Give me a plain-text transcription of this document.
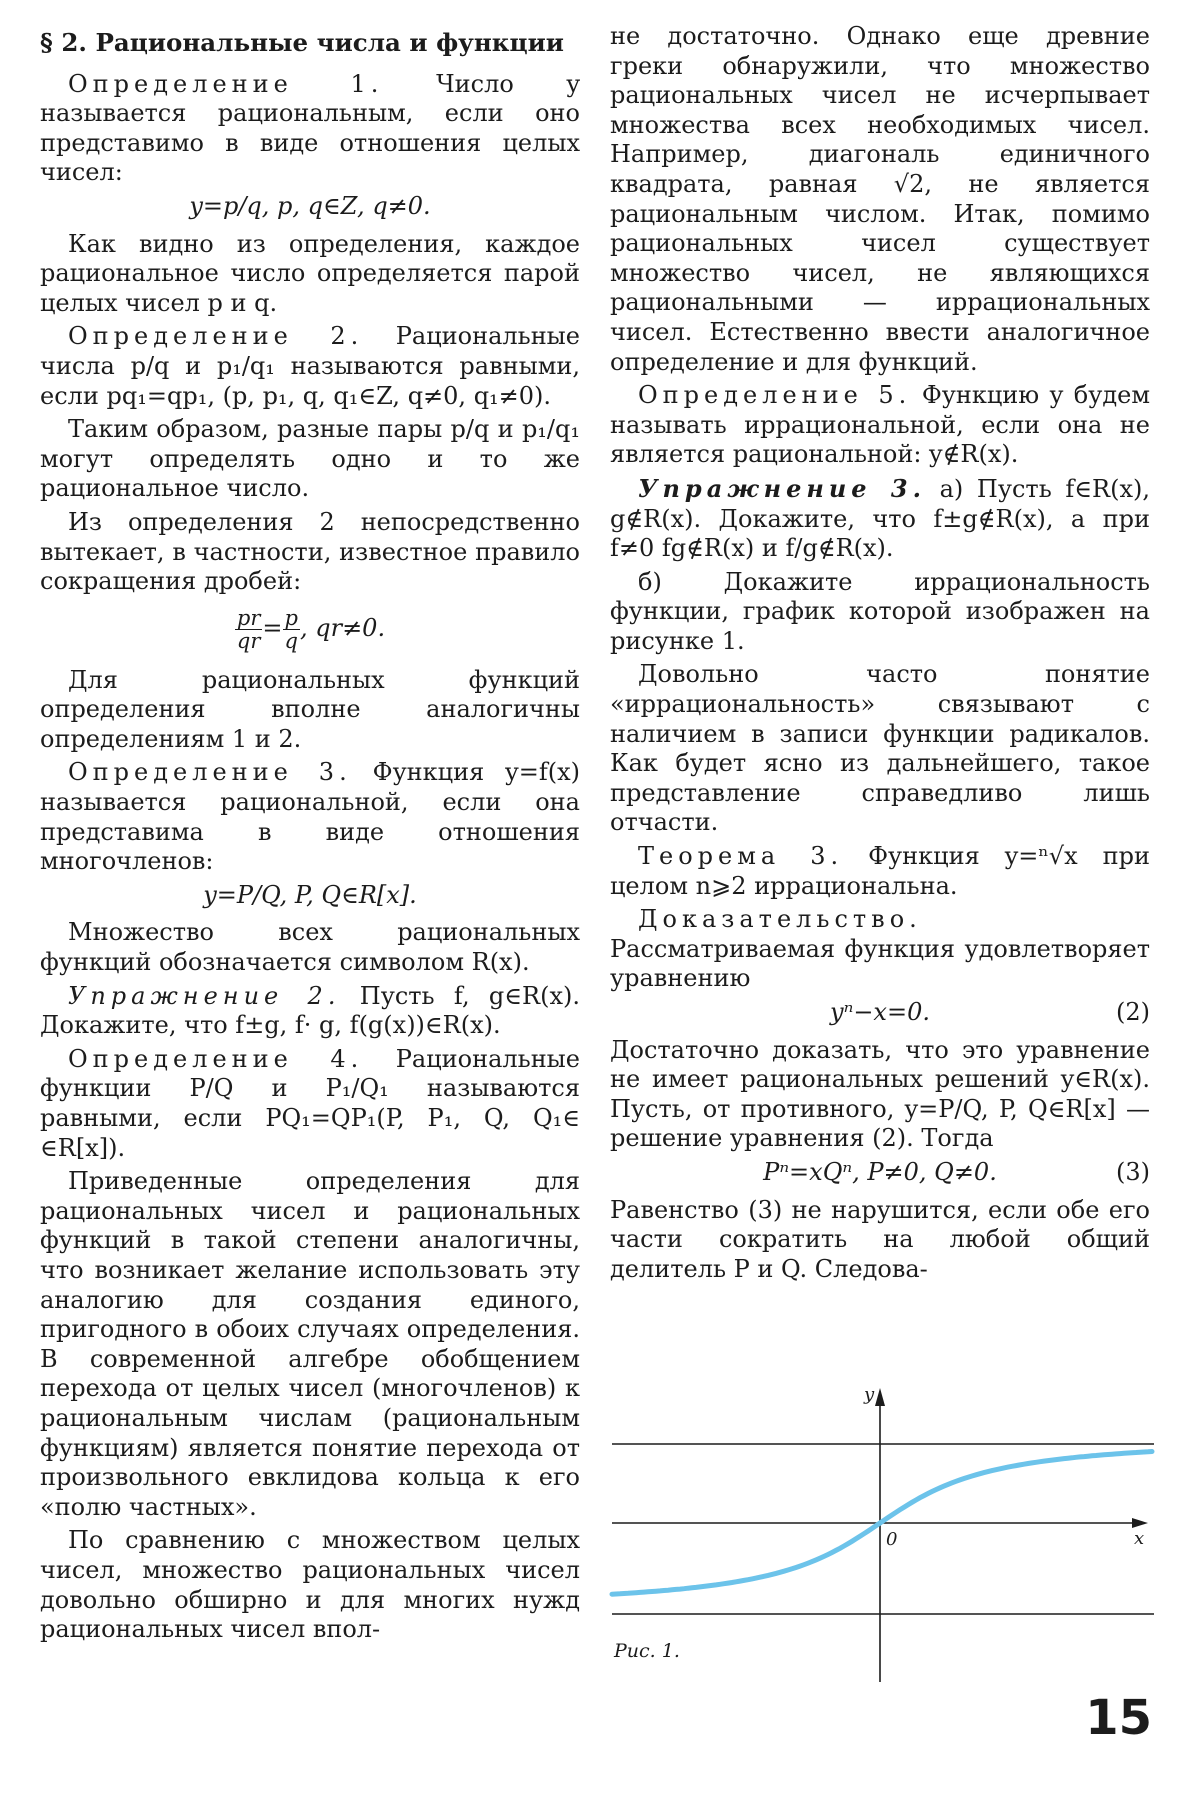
§ 2. Рациональные числа и функции

Определение 1. Число y называется рациональным, если оно представимо в виде отношения целых чисел:

y=p/q, p, q∈Z, q≠0.

Как видно из определения, каждое рациональное число определяется парой целых чисел p и q.

Определение 2. Рациональные числа p/q и p₁/q₁ называются равными, если pq₁=qp₁, (p, p₁, q, q₁∈Z, q≠0, q₁≠0).

Таким образом, разные пары p/q и p₁/q₁ могут определять одно и то же рациональное число.

Из определения 2 непосредственно вытекает, в частности, известное правило сокращения дробей:

$\frac{pr}{qr} = \frac{p}{q}$ , qr≠0.

Для рациональных функций определения вполне аналогичны определениям 1 и 2.

Определение 3. Функция y=f(x) называется рациональной, если она представима в виде отношения многочленов:

y=P/Q, P, Q∈R[x].

Множество всех рациональных функций обозначается символом R(x).

Упражнение 2. Пусть f, g∈R(x). Докажите, что f±g, f· g, f(g(x))∈R(x).

Определение 4. Рациональные функции P/Q и P₁/Q₁ называются равными, если PQ₁=QP₁(P, P₁, Q, Q₁∈ ∈R[x]).

Приведенные определения для рациональных чисел и рациональных функций в такой степени аналогичны, что возникает желание использовать эту аналогию для создания единого, пригодного в обоих случаях определения. В современной алгебре обобщением перехода от целых чисел (многочленов) к рациональным числам (рациональным функциям) является понятие перехода от произвольного евклидова кольца к его «полю частных».

По сравнению с множеством целых чисел, множество рациональных чисел довольно обширно и для многих нужд рациональных чисел впол-

не достаточно. Однако еще древние греки обнаружили, что множество рациональных чисел не исчерпывает множества всех необходимых чисел. Например, диагональ единичного квадрата, равная √2, не является рациональным числом. Итак, помимо рациональных чисел существует множество чисел, не являющихся рациональными — иррациональных чисел. Естественно ввести аналогичное определение и для функций.

Определение 5. Функцию y будем называть иррациональной, если она не является рациональной: y∉R(x).

Упражнение 3. а) Пусть f∈R(x), g∉R(x). Докажите, что f±g∉R(x), а при f≠0 fg∉R(x) и f/g∉R(x).

б) Докажите иррациональность функции, график которой изображен на рисунке 1.

Довольно часто понятие «иррациональность» связывают с наличием в записи функции радикалов. Как будет ясно из дальнейшего, такое представление справедливо лишь отчасти.

Теорема 3. Функция y=ⁿ√x при целом n⩾2 иррациональна.

Доказательство. Рассматриваемая функция удовлетворяет уравнению

yⁿ−x=0.	(2)

Достаточно доказать, что это уравнение не имеет рациональных решений y∈R(x). Пусть, от противного, y=P/Q, P, Q∈R[x] — решение уравнения (2). Тогда

Pⁿ=xQⁿ, P≠0, Q≠0.	(3)

Равенство (3) не нарушится, если обе его части сократить на любой общий делитель P и Q. Следова-

y
x
0
Рис. 1.
15
